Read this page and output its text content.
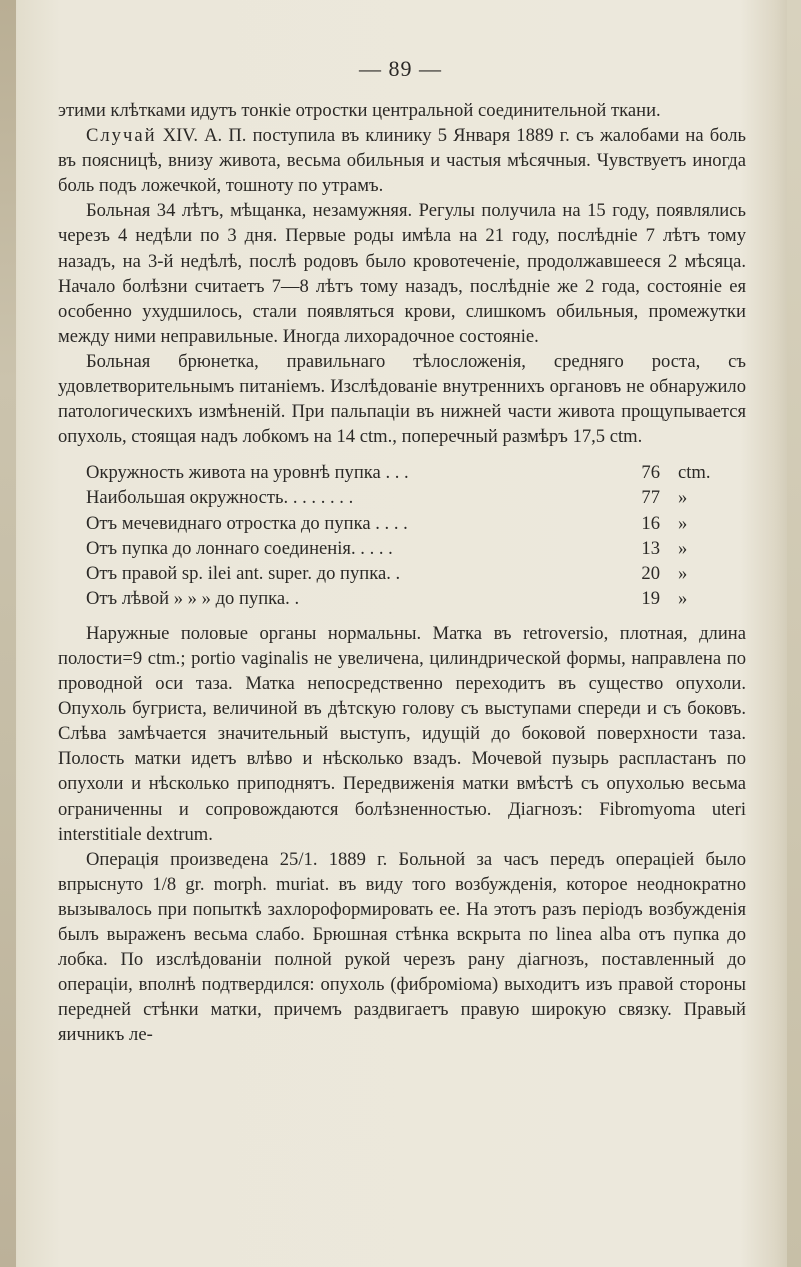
— 89 —

этими клѣтками идутъ тонкіе отростки центральной соединительной ткани.

Случай XIV. А. П. поступила въ клинику 5 Января 1889 г. съ жалобами на боль въ поясницѣ, внизу живота, весьма обильныя и частыя мѣсячныя. Чувствуетъ иногда боль подъ ложечкой, тошноту по утрамъ.

Больная 34 лѣтъ, мѣщанка, незамужняя. Регулы получила на 15 году, появлялись черезъ 4 недѣли по 3 дня. Первые роды имѣла на 21 году, послѣдніе 7 лѣтъ тому назадъ, на 3-й недѣлѣ, послѣ родовъ было кровотеченіе, продолжавшееся 2 мѣсяца. Начало болѣзни считаетъ 7—8 лѣтъ тому назадъ, послѣдніе же 2 года, состояніе ея особенно ухудшилось, стали появляться крови, слишкомъ обильныя, промежутки между ними неправильные. Иногда лихорадочное состояніе.

Больная брюнетка, правильнаго тѣлосложенія, средняго роста, съ удовлетворительнымъ питаніемъ. Изслѣдованіе внутреннихъ органовъ не обнаружило патологическихъ измѣненій. При пальпаціи въ нижней части живота прощупывается опухоль, стоящая надъ лобкомъ на 14 ctm., поперечный размѣръ 17,5 ctm.

Окружность живота на уровнѣ пупка . . .	76 ctm.
Наибольшая окружность. . . . . . . .	77 »
Отъ мечевиднаго отростка до пупка . . . .	16 »
Отъ пупка до лоннаго соединенія. . . . .	13 »
Отъ правой sp. ilei ant. super. до пупка. .	20 »
Отъ лѣвой » » » до пупка. .	19 »

Наружные половые органы нормальны. Матка въ retroversio, плотная, длина полости=9 ctm.; portio vaginalis не увеличена, цилиндрической формы, направлена по проводной оси таза. Матка непосредственно переходитъ въ существо опухоли. Опухоль бугриста, величиной въ дѣтскую голову съ выступами спереди и съ боковъ. Слѣва замѣчается значительный выступъ, идущій до боковой поверхности таза. Полость матки идетъ влѣво и нѣсколько взадъ. Мочевой пузырь распластанъ по опухоли и нѣсколько приподнятъ. Передвиженія матки вмѣстѣ съ опухолью весьма ограниченны и сопровождаются болѣзненностью. Діагнозъ: Fibromyoma uteri interstitiale dextrum.

Операція произведена 25/1. 1889 г. Больной за часъ передъ операціей было впрыснуто 1/8 gr. morph. muriat. въ виду того возбужденія, которое неоднократно вызывалось при попыткѣ захлороформировать ее. На этотъ разъ періодъ возбужденія былъ выраженъ весьма слабо. Брюшная стѣнка вскрыта по linea alba отъ пупка до лобка. По изслѣдованіи полной рукой черезъ рану діагнозъ, поставленный до операціи, вполнѣ подтвердился: опухоль (фиброміома) выходитъ изъ правой стороны передней стѣнки матки, причемъ раздвигаетъ правую широкую связку. Правый яичникъ ле-
